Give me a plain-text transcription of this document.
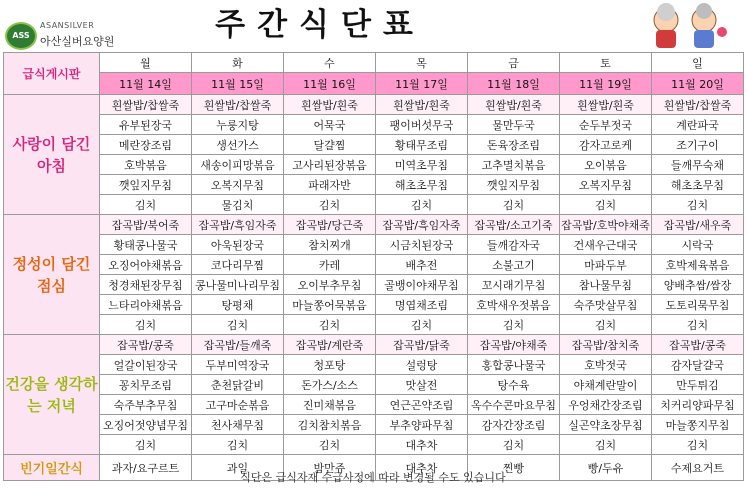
ASS
ASANSILVER
아산실버요양원	주간식단표
급식게시판	월	화	수	목	금	토	일
	11월 14일	11월 15일	11월 16일	11월 17일	11월 18일	11월 19일	11월 20일

사랑이 담긴 아침	흰쌀밥/찹쌀죽	흰쌀밥/찹쌀죽	흰쌀밥/흰죽	흰쌀밥/흰죽	흰쌀밥/흰죽	흰쌀밥/흰죽	흰쌀밥/찹쌀죽
	유부된장국	누룽지탕	어묵국	팽이버섯무국	물만두국	순두부젓국	계란파국
	메란장조림	생선가스	달걀찜	황태무조림	돈육장조림	감자고로케	조기구이
	호박볶음	새송이피망볶음	고사리된장볶음	미역초무침	고추멸치볶음	오이볶음	들깨무숙채
	깻잎지무침	오복지무침	파래자반	해초초무침	깻잎지무침	오복지무침	해초초무침
	김치	물김치	김치	김치	김치	김치	김치

정성이 담긴 점심	잡곡밥/북어죽	잡곡밥/흑임자죽	잡곡밥/당근죽	잡곡밥/흑임자죽	잡곡밥/소고기죽	잡곡밥/호박야채죽	잡곡밥/새우죽
	황태콩나물국	아욱된장국	참치찌개	시금치된장국	들깨감자국	건새우근대국	시락국
	오징어야채볶음	코다리무찜	카레	배추전	소불고기	마파두부	호박제육볶음
	청경채된장무침	콩나물미나리무침	오이부추무침	골뱅이야채무침	꼬시래기무침	참나물무침	양배추쌈/쌈장
	느타리야채볶음	탕평채	마늘쫑어묵볶음	명엽채조림	호박새우젓볶음	숙주맛살무침	도토리묵무침
	김치	김치	김치	김치	김치	김치	김치

건강을 생각하는 저녁	잡곡밥/콩죽	잡곡밥/들깨죽	잡곡밥/계란죽	잡곡밥/닭죽	잡곡밥/야채죽	잡곡밥/참치죽	잡곡밥/콩죽
	얼갈이된장국	두부미역장국	청포탕	설렁탕	홍합콩나물국	호박젓국	감자달걀국
	꽁치무조림	춘천닭갈비	돈가스/소스	맛살전	탕수육	야채계란말이	만두튀김
	숙주부추무침	고구마순볶음	진미채볶음	연근곤약조림	옥수수콘마요무침	우엉채간장조림	치커리양파무침
	오징어젓양념무침	천사채무침	김치참치볶음	부추양파무침	감자간장조림	실곤약초장무침	마늘쫑지무침
	김치	김치	김치	대추차	김치	김치	김치
빈기일간식	과자/요구르트	과일	밤만쥬	대추차	찐빵	빵/두유	수제요거트
식단은 급식자재 수급사정에 따라 변경될 수도 있습니다
